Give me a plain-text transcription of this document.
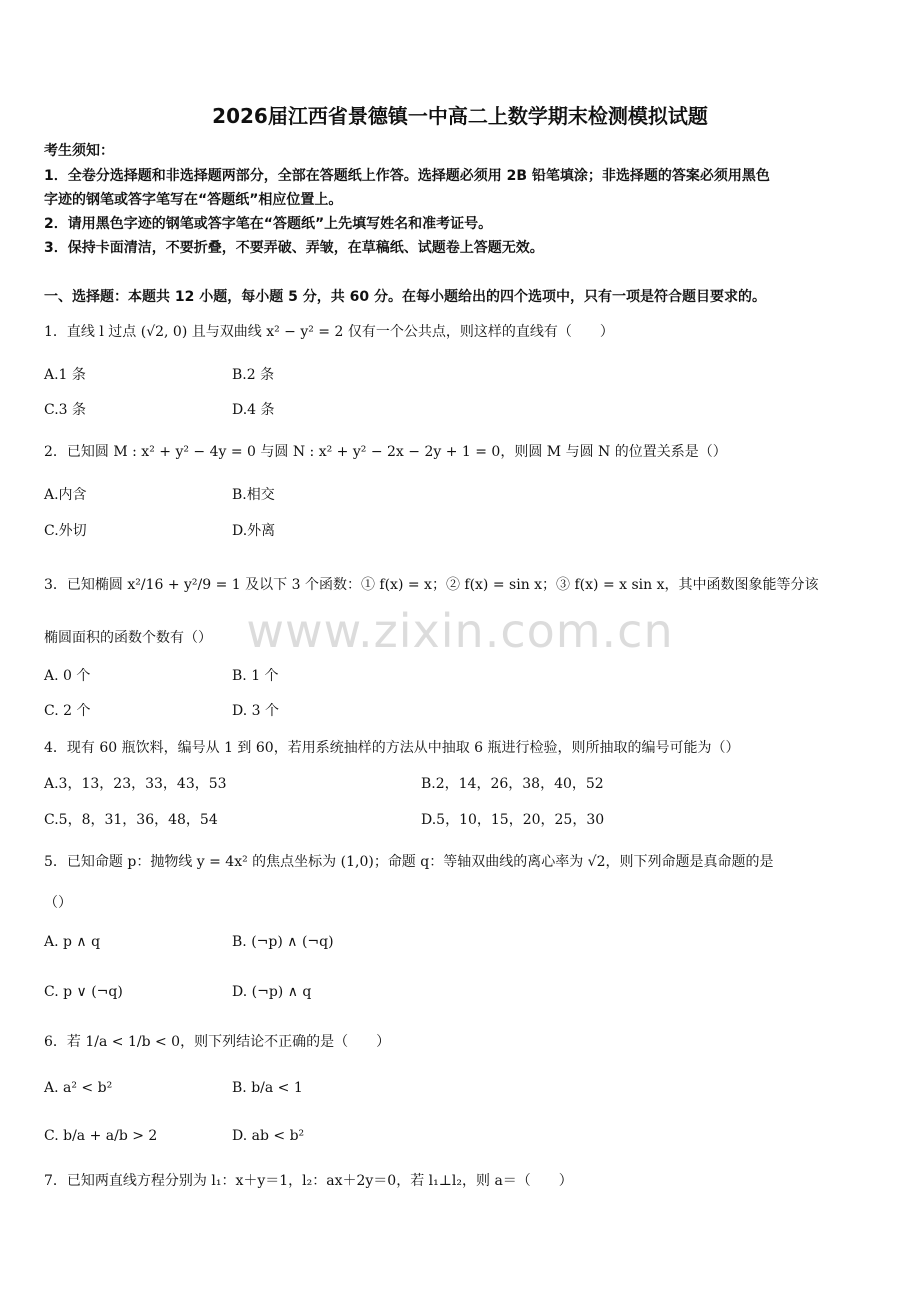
www.zixin.com.cn
2026届江西省景德镇一中高二上数学期末检测模拟试题
考生须知：
1．全卷分选择题和非选择题两部分，全部在答题纸上作答。选择题必须用 2B 铅笔填涂；非选择题的答案必须用黑色
字迹的钢笔或答字笔写在“答题纸”相应位置上。
2．请用黑色字迹的钢笔或答字笔在“答题纸”上先填写姓名和准考证号。
3．保持卡面清洁，不要折叠，不要弄破、弄皱，在草稿纸、试题卷上答题无效。
一、选择题：本题共 12 小题，每小题 5 分，共 60 分。在每小题给出的四个选项中，只有一项是符合题目要求的。
1．直线 l 过点 (√2, 0) 且与双曲线 x² − y² = 2 仅有一个公共点，则这样的直线有（　　）
A.1 条	B.2 条
C.3 条	D.4 条
2．已知圆 M : x² + y² − 4y = 0 与圆 N : x² + y² − 2x − 2y + 1 = 0，则圆 M 与圆 N 的位置关系是（）
A.内含	B.相交
C.外切	D.外离
3．已知椭圆 x²/16 + y²/9 = 1 及以下 3 个函数：① f(x) = x；② f(x) = sin x；③ f(x) = x sin x，其中函数图象能等分该
椭圆面积的函数个数有（）
A. 0 个	B. 1 个
C. 2 个	D. 3 个
4．现有 60 瓶饮料，编号从 1 到 60，若用系统抽样的方法从中抽取 6 瓶进行检验，则所抽取的编号可能为（）
A.3，13，23，33，43，53	B.2，14，26，38，40，52
C.5，8，31，36，48，54	D.5，10，15，20，25，30
5．已知命题 p：抛物线 y = 4x² 的焦点坐标为 (1,0)；命题 q：等轴双曲线的离心率为 √2，则下列命题是真命题的是
（）
A. p ∧ q	B. (¬p) ∧ (¬q)
C. p ∨ (¬q)	D. (¬p) ∧ q
6．若 1/a < 1/b < 0，则下列结论不正确的是（　　）
A. a² < b²	B. b/a < 1
C. b/a + a/b > 2	D. ab < b²
7．已知两直线方程分别为 l₁：x＋y＝1，l₂：ax＋2y＝0，若 l₁⊥l₂，则 a＝（　　）
